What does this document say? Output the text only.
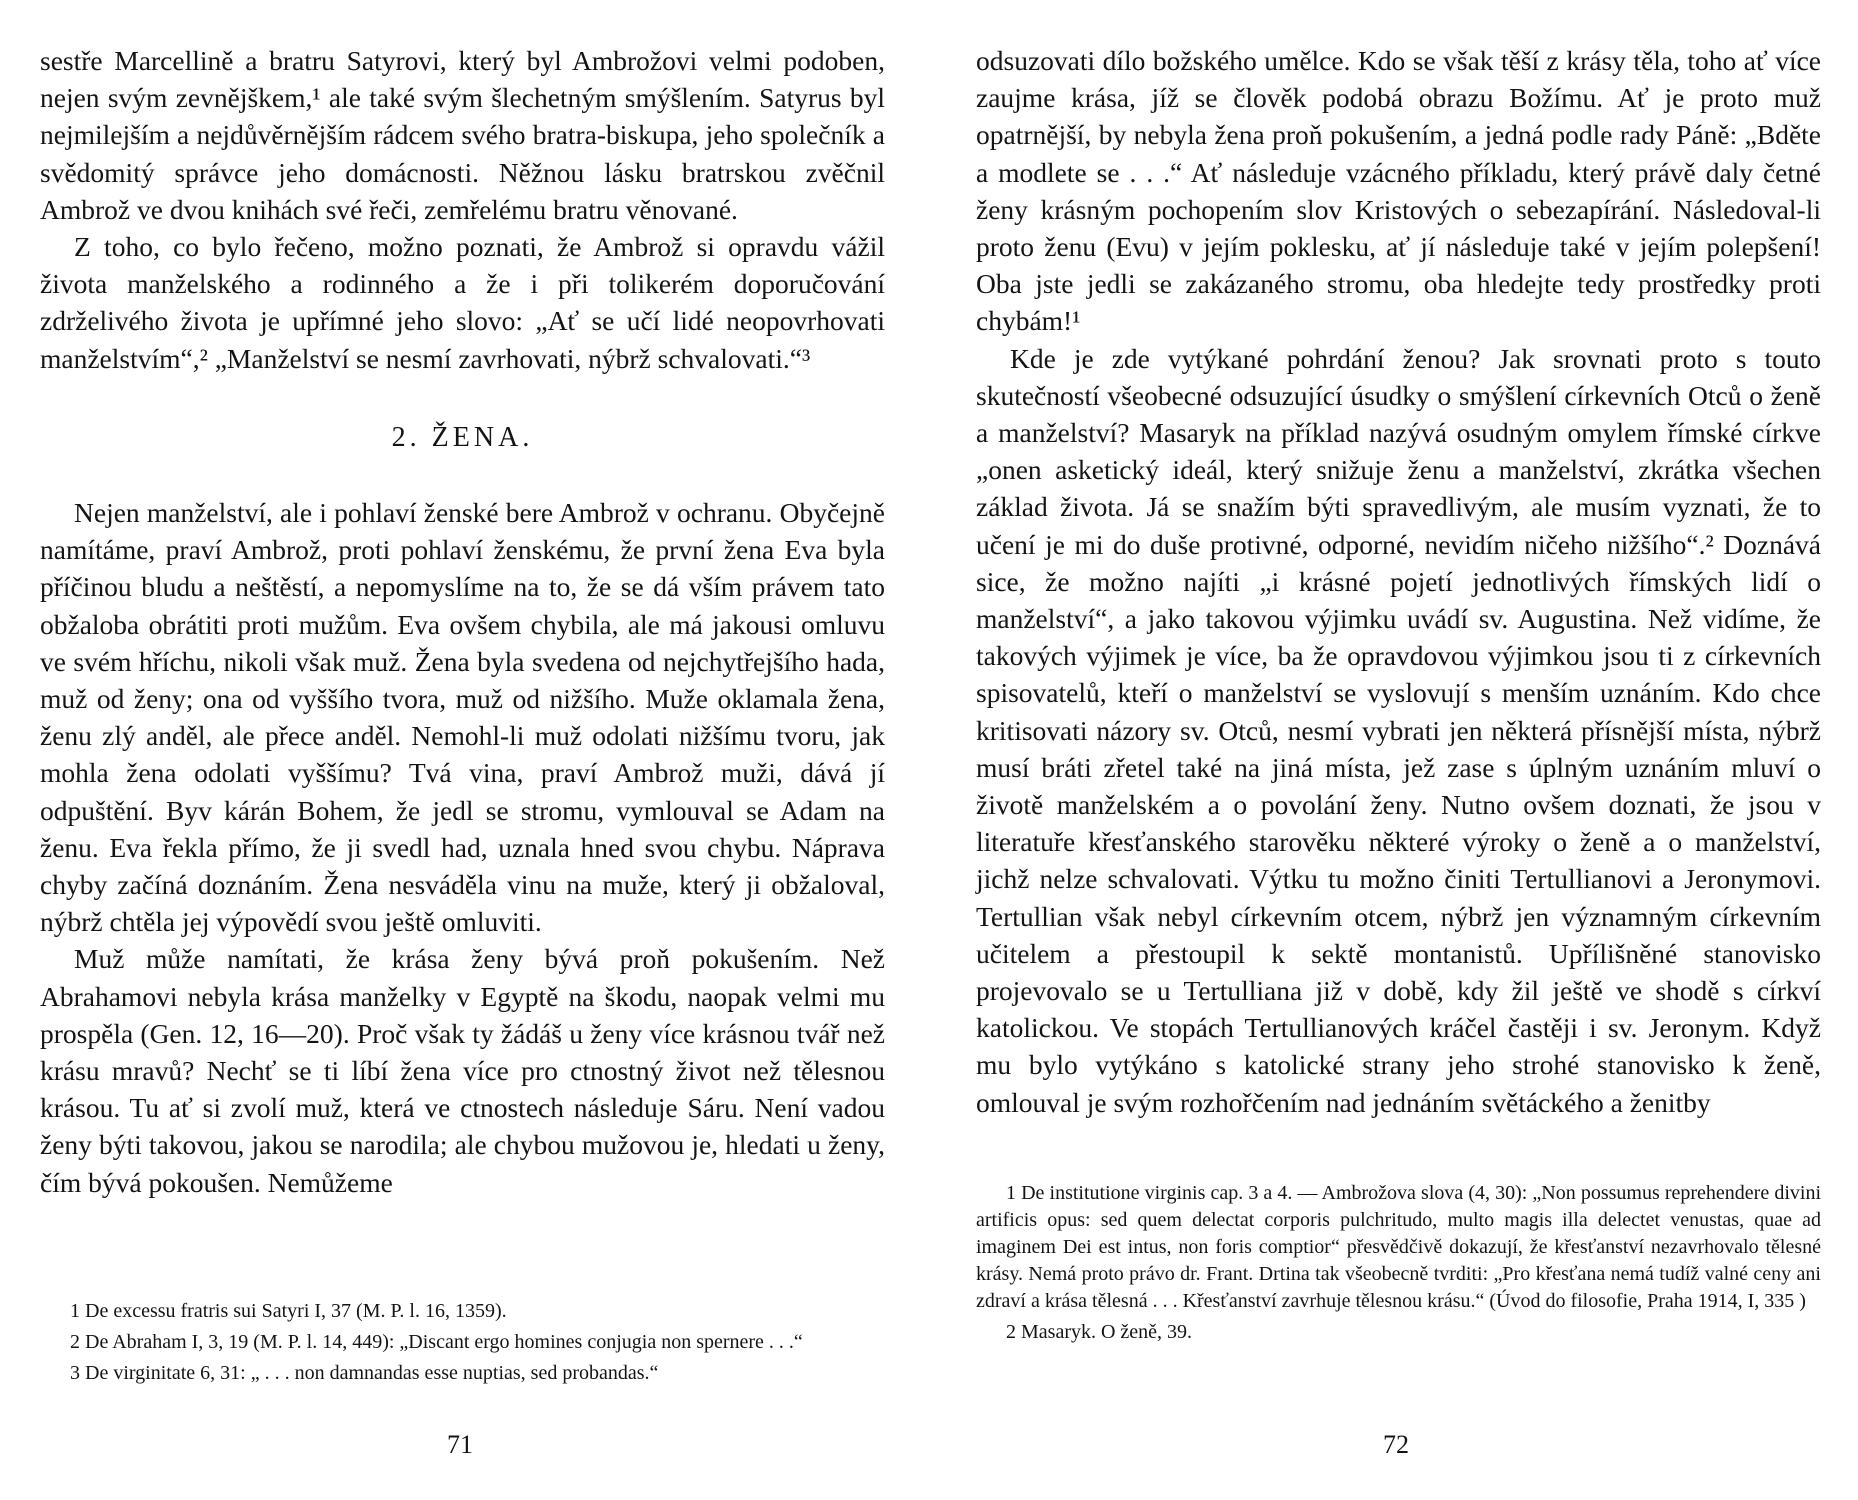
sestře Marcellině a bratru Satyrovi, který byl Ambrožovi velmi podoben, nejen svým zevnějškem,¹ ale také svým šlechetným smýšlením. Satyrus byl nejmilejším a nejdůvěrnějším rádcem svého bratra-biskupa, jeho společník a svědomitý správce jeho domácnosti. Něžnou lásku bratrskou zvěčnil Ambrož ve dvou knihách své řeči, zemřelému bratru věnované.

Z toho, co bylo řečeno, možno poznati, že Ambrož si opravdu vážil života manželského a rodinného a že i při tolikerém doporučování zdrželivého života je upřímné jeho slovo: „Ať se učí lidé neopovrhovati manželstvím“,² „Manželství se nesmí zavrhovati, nýbrž schvalovati.“³

2. ŽENA.

Nejen manželství, ale i pohlaví ženské bere Ambrož v ochranu. Obyčejně namítáme, praví Ambrož, proti pohlaví ženskému, že první žena Eva byla příčinou bludu a neštěstí, a nepomyslíme na to, že se dá vším právem tato obžaloba obrátiti proti mužům. Eva ovšem chybila, ale má jakousi omluvu ve svém hříchu, nikoli však muž. Žena byla svedena od nejchytřejšího hada, muž od ženy; ona od vyššího tvora, muž od nižšího. Muže oklamala žena, ženu zlý anděl, ale přece anděl. Nemohl-li muž odolati nižšímu tvoru, jak mohla žena odolati vyššímu? Tvá vina, praví Ambrož muži, dává jí odpuštění. Byv kárán Bohem, že jedl se stromu, vymlouval se Adam na ženu. Eva řekla přímo, že ji svedl had, uznala hned svou chybu. Náprava chyby začíná doznáním. Žena nesváděla vinu na muže, který ji obžaloval, nýbrž chtěla jej výpovědí svou ještě omluviti.

Muž může namítati, že krása ženy bývá proň pokušením. Než Abrahamovi nebyla krása manželky v Egyptě na škodu, naopak velmi mu prospěla (Gen. 12, 16—20). Proč však ty žádáš u ženy více krásnou tvář než krásu mravů? Nechť se ti líbí žena více pro ctnostný život než tělesnou krásou. Tu ať si zvolí muž, která ve ctnostech následuje Sáru. Není vadou ženy býti takovou, jakou se narodila; ale chybou mužovou je, hledati u ženy, čím bývá pokoušen. Nemůžeme

1 De excessu fratris sui Satyri I, 37 (M. P. l. 16, 1359).

2 De Abraham I, 3, 19 (M. P. l. 14, 449): „Discant ergo homines conjugia non spernere . . .“

3 De virginitate 6, 31: „ . . . non damnandas esse nuptias, sed probandas.“

71

odsuzovati dílo božského umělce. Kdo se však těší z krásy těla, toho ať více zaujme krása, jíž se člověk podobá obrazu Božímu. Ať je proto muž opatrnější, by nebyla žena proň pokušením, a jedná podle rady Páně: „Bděte a modlete se . . .“ Ať následuje vzácného příkladu, který právě daly četné ženy krásným pochopením slov Kristových o sebezapírání. Následoval-li proto ženu (Evu) v jejím poklesku, ať jí následuje také v jejím polepšení! Oba jste jedli se zakázaného stromu, oba hledejte tedy prostředky proti chybám!¹

Kde je zde vytýkané pohrdání ženou? Jak srovnati proto s touto skutečností všeobecné odsuzující úsudky o smýšlení církevních Otců o ženě a manželství? Masaryk na příklad nazývá osudným omylem římské církve „onen asketický ideál, který snižuje ženu a manželství, zkrátka všechen základ života. Já se snažím býti spravedlivým, ale musím vyznati, že to učení je mi do duše protivné, odporné, nevidím ničeho nižšího“.² Doznává sice, že možno najíti „i krásné pojetí jednotlivých římských lidí o manželství“, a jako takovou výjimku uvádí sv. Augustina. Než vidíme, že takových výjimek je více, ba že opravdovou výjimkou jsou ti z církevních spisovatelů, kteří o manželství se vyslovují s menším uznáním. Kdo chce kritisovati názory sv. Otců, nesmí vybrati jen některá přísnější místa, nýbrž musí bráti zřetel také na jiná místa, jež zase s úplným uznáním mluví o životě manželském a o povolání ženy. Nutno ovšem doznati, že jsou v literatuře křesťanského starověku některé výroky o ženě a o manželství, jichž nelze schvalovati. Výtku tu možno činiti Tertullianovi a Jeronymovi. Tertullian však nebyl církevním otcem, nýbrž jen významným církevním učitelem a přestoupil k sektě montanistů. Upřílišněné stanovisko projevovalo se u Tertulliana již v době, kdy žil ještě ve shodě s církví katolickou. Ve stopách Tertullianových kráčel častěji i sv. Jeronym. Když mu bylo vytýkáno s katolické strany jeho strohé stanovisko k ženě, omlouval je svým rozhořčením nad jednáním světáckého a ženitby

1 De institutione virginis cap. 3 a 4. — Ambrožova slova (4, 30): „Non possumus reprehendere divini artificis opus: sed quem delectat corporis pulchritudo, multo magis illa delectet venustas, quae ad imaginem Dei est intus, non foris comptior“ přesvědčivě dokazují, že křesťanství nezavrhovalo tělesné krásy. Nemá proto právo dr. Frant. Drtina tak všeobecně tvrditi: „Pro křesťana nemá tudíž valné ceny ani zdraví a krása tělesná . . . Křesťanství zavrhuje tělesnou krásu.“ (Úvod do filosofie, Praha 1914, I, 335 )

2 Masaryk. O ženě, 39.

72
